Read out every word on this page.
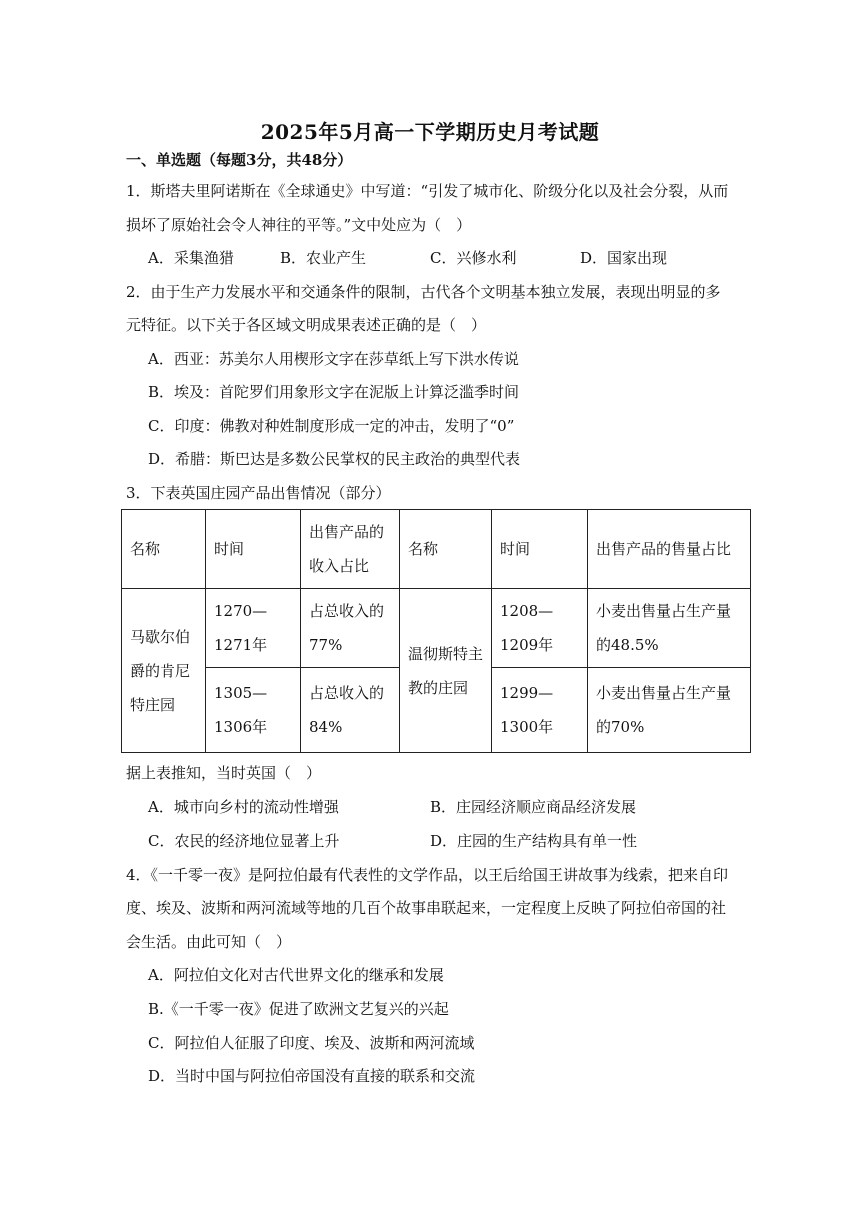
2025年5月高一下学期历史月考试题
一、单选题（每题3分，共48分）
1．斯塔夫里阿诺斯在《全球通史》中写道：“引发了城市化、阶级分化以及社会分裂，从而
损坏了原始社会令人神往的平等。”文中处应为（　）
A．采集渔猎	B．农业产生	C．兴修水利	D．国家出现
2．由于生产力发展水平和交通条件的限制，古代各个文明基本独立发展，表现出明显的多
元特征。以下关于各区域文明成果表述正确的是（　）
A．西亚：苏美尔人用楔形文字在莎草纸上写下洪水传说
B．埃及：首陀罗们用象形文字在泥版上计算泛滥季时间
C．印度：佛教对种姓制度形成一定的冲击，发明了“0”
D．希腊：斯巴达是多数公民掌权的民主政治的典型代表
3．下表英国庄园产品出售情况（部分）
名称	时间	出售产品的收入占比	名称	时间	出售产品的售量占比
马歇尔伯爵的肯尼特庄园	1270—1271年	占总收入的77%	温彻斯特主教的庄园	1208—1209年	小麦出售量占生产量的48.5%
	1305—1306年	占总收入的84%		1299—1300年	小麦出售量占生产量的70%
据上表推知，当时英国（　）
A．城市向乡村的流动性增强	B．庄园经济顺应商品经济发展
C．农民的经济地位显著上升	D．庄园的生产结构具有单一性
4．《一千零一夜》是阿拉伯最有代表性的文学作品，以王后给国王讲故事为线索，把来自印
度、埃及、波斯和两河流域等地的几百个故事串联起来，一定程度上反映了阿拉伯帝国的社
会生活。由此可知（　）
A．阿拉伯文化对古代世界文化的继承和发展
B.《一千零一夜》促进了欧洲文艺复兴的兴起
C．阿拉伯人征服了印度、埃及、波斯和两河流域
D．当时中国与阿拉伯帝国没有直接的联系和交流
